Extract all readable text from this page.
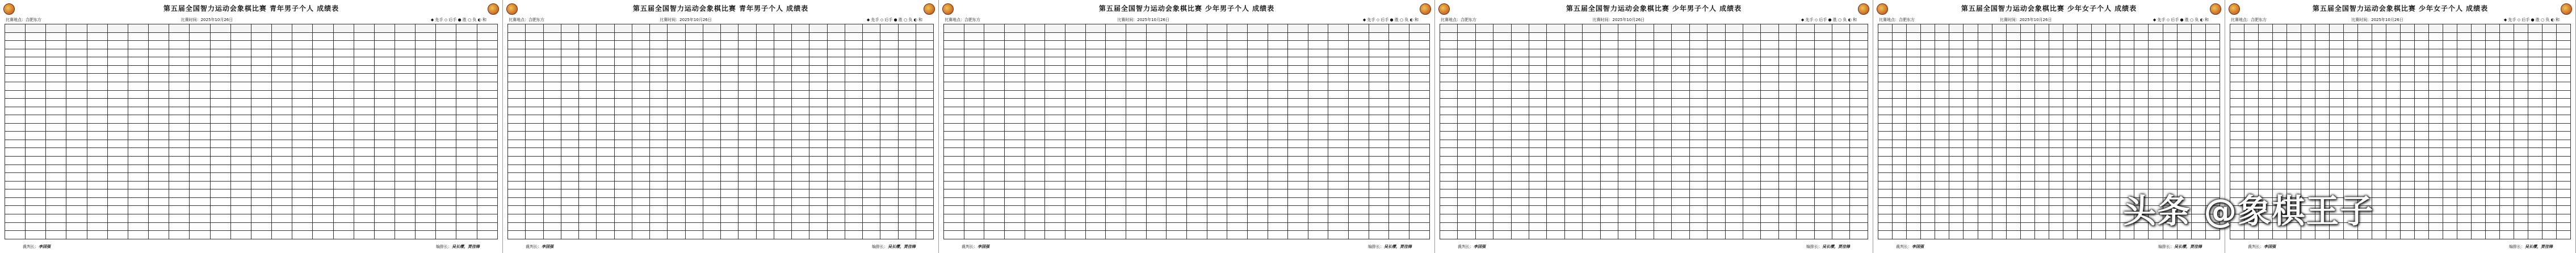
第五届全国智力运动会象棋比赛 青年男子个人 成绩表
比赛地点：合肥东方	比赛时间：2025年10月26日	◆ 先手 ◇ 后手 ● 胜 ○ 负 ◐ 和

裁判长：李国强	编排长：吴长缨，贾佳锋
第五届全国智力运动会象棋比赛 青年男子个人 成绩表
比赛地点：合肥东方	比赛时间：2025年10月26日	◆ 先手 ◇ 后手 ● 胜 ○ 负 ◐ 和

裁判长：李国强	编排长：吴长缨，贾佳锋
第五届全国智力运动会象棋比赛 少年男子个人 成绩表
比赛地点：合肥东方	比赛时间：2025年10月26日	◆ 先手 ◇ 后手 ● 胜 ○ 负 ◐ 和

裁判长：李国强	编排长：吴长缨，贾佳锋
第五届全国智力运动会象棋比赛 少年男子个人 成绩表
比赛地点：合肥东方	比赛时间：2025年10月26日	◆ 先手 ◇ 后手 ● 胜 ○ 负 ◐ 和

裁判长：李国强	编排长：吴长缨，贾佳锋
第五届全国智力运动会象棋比赛 少年女子个人 成绩表
比赛地点：合肥东方	比赛时间：2025年10月26日	◆ 先手 ◇ 后手 ● 胜 ○ 负 ◐ 和

裁判长：李国强	编排长：吴长缨，贾佳锋
第五届全国智力运动会象棋比赛 少年女子个人 成绩表
比赛地点：合肥东方	比赛时间：2025年10月26日	◆ 先手 ◇ 后手 ● 胜 ○ 负 ◐ 和

裁判长：李国强	编排长：吴长缨，贾佳锋
头条 @象棋王子
